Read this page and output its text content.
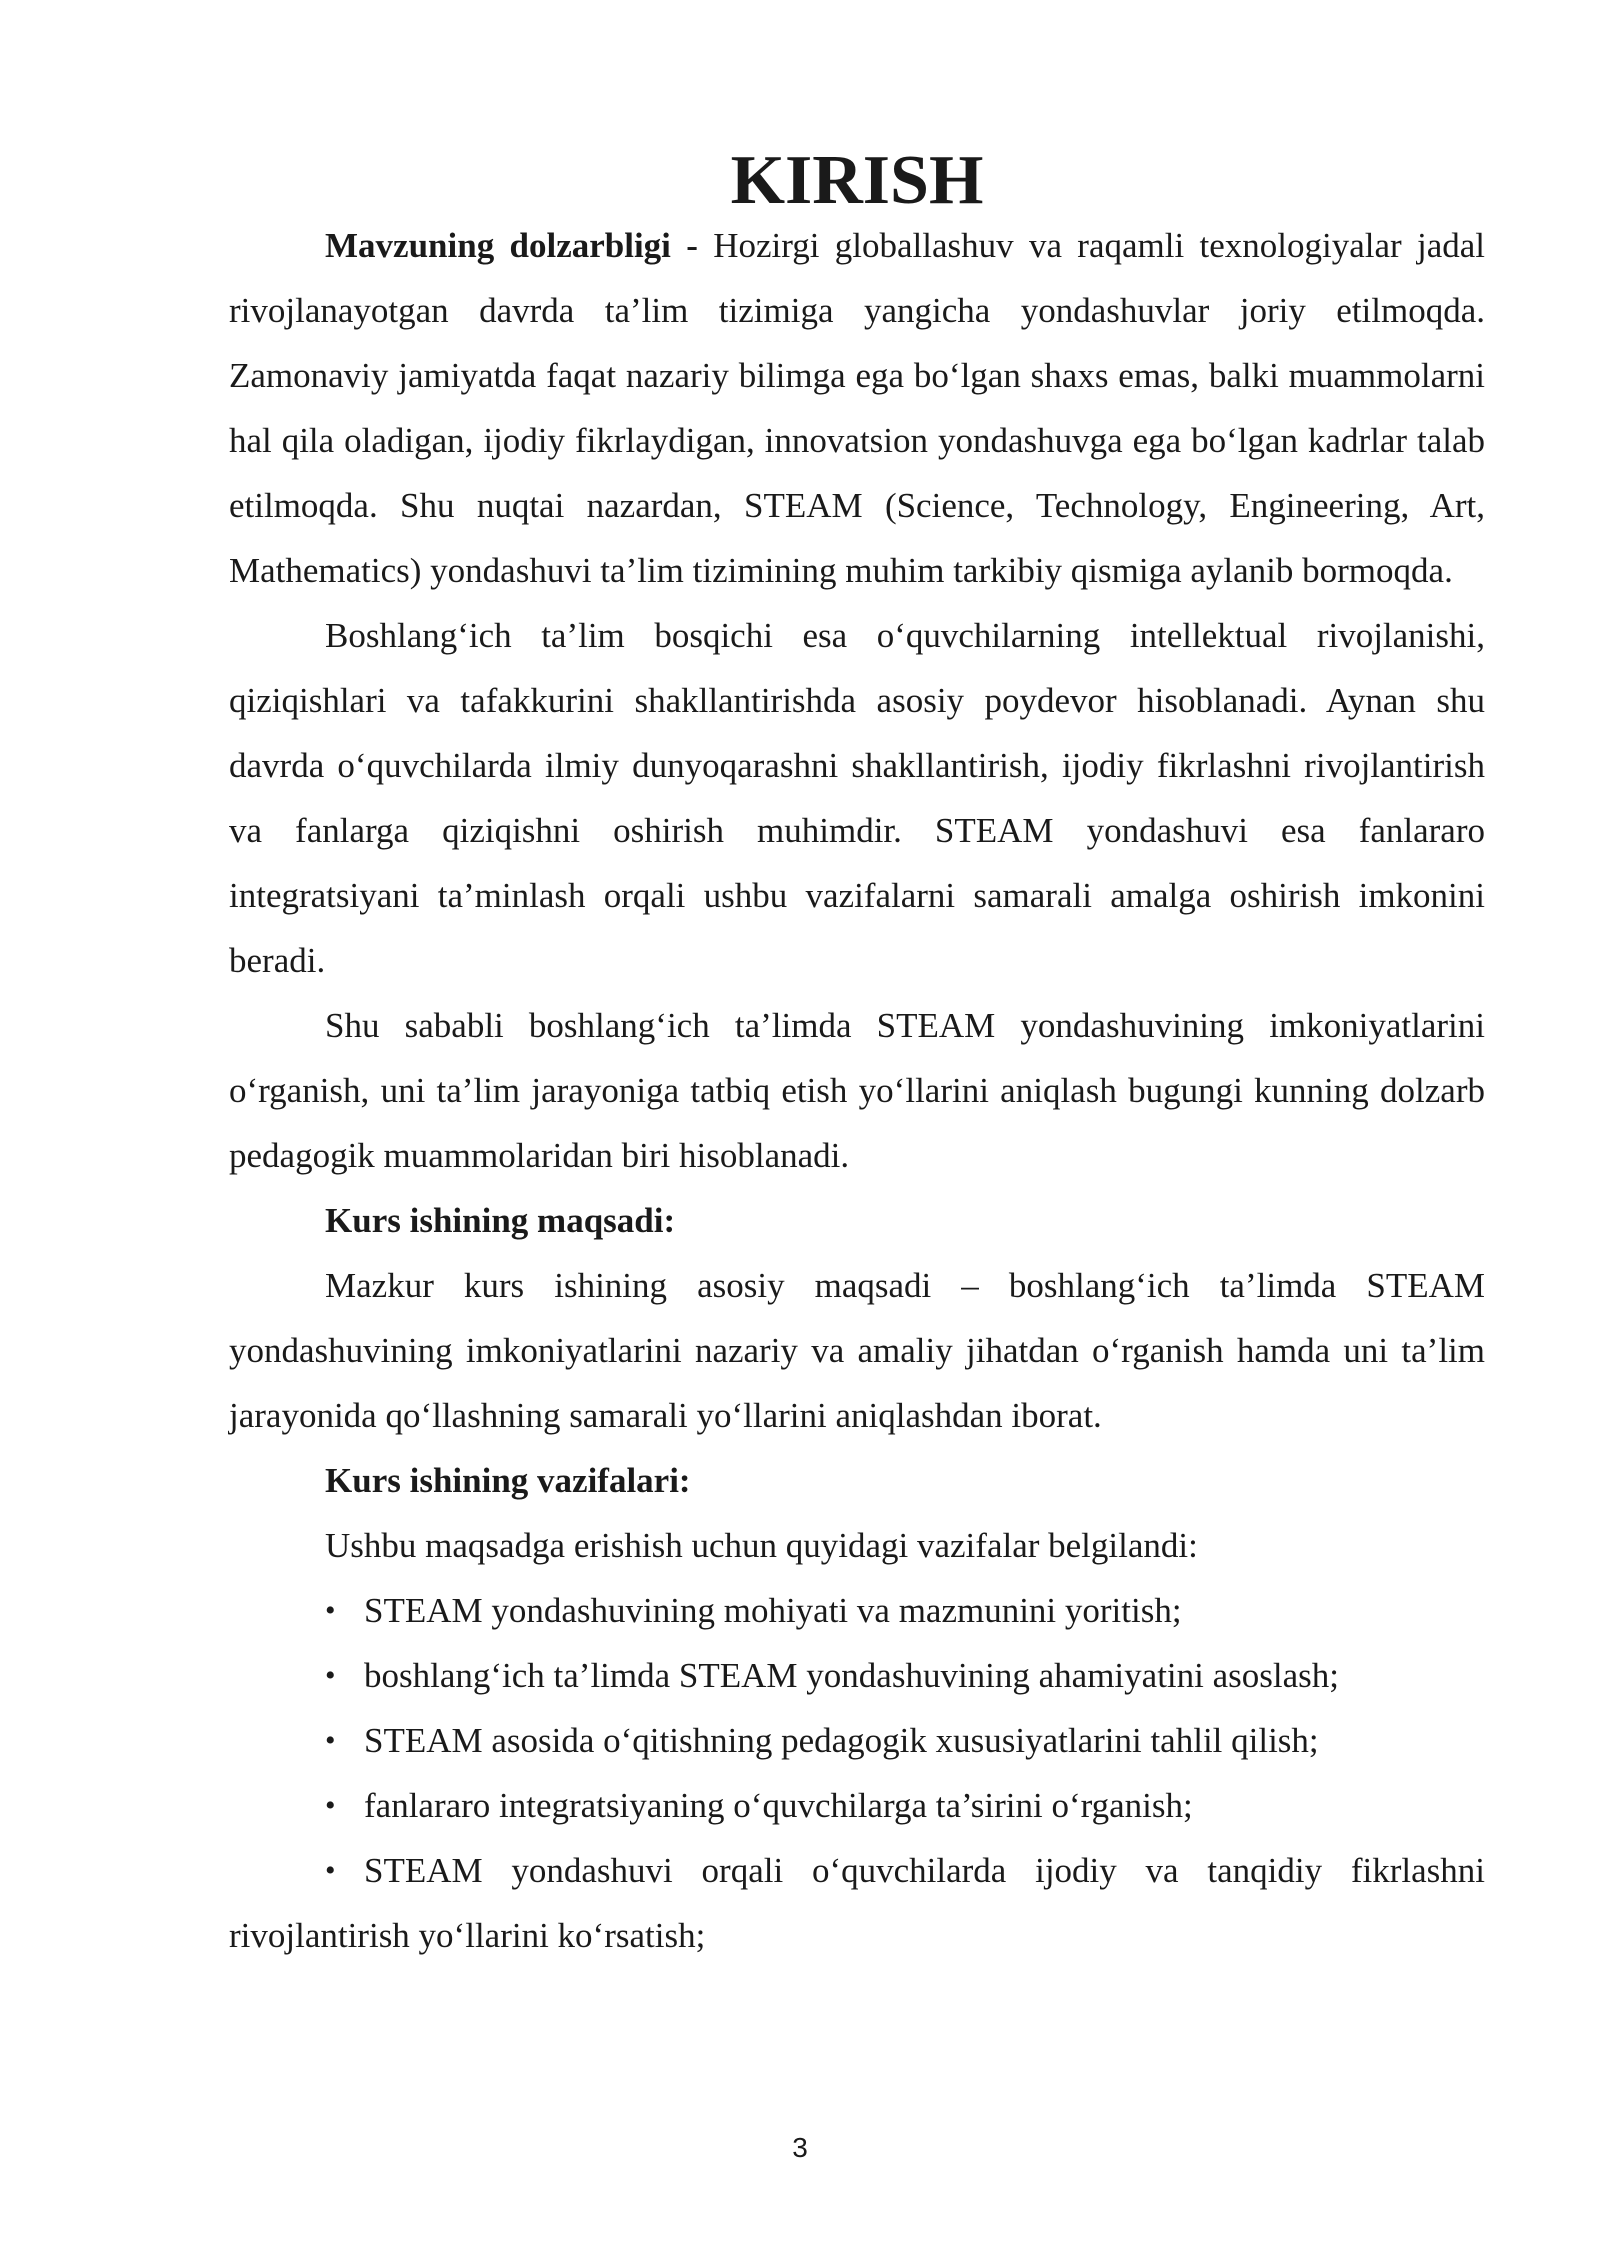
KIRISH

Mavzuning dolzarbligi - Hozirgi globallashuv va raqamli texnologiyalar jadal rivojlanayotgan davrda ta’lim tizimiga yangicha yondashuvlar joriy etilmoqda. Zamonaviy jamiyatda faqat nazariy bilimga ega bo‘lgan shaxs emas, balki muammolarni hal qila oladigan, ijodiy fikrlaydigan, innovatsion yondashuvga ega bo‘lgan kadrlar talab etilmoqda. Shu nuqtai nazardan, STEAM (Science, Technology, Engineering, Art, Mathematics) yondashuvi ta’lim tizimining muhim tarkibiy qismiga aylanib bormoqda.

Boshlang‘ich ta’lim bosqichi esa o‘quvchilarning intellektual rivojlanishi, qiziqishlari va tafakkurini shakllantirishda asosiy poydevor hisoblanadi. Aynan shu davrda o‘quvchilarda ilmiy dunyoqarashni shakllantirish, ijodiy fikrlashni rivojlantirish va fanlarga qiziqishni oshirish muhimdir. STEAM yondashuvi esa fanlararo integratsiyani ta’minlash orqali ushbu vazifalarni samarali amalga oshirish imkonini beradi.

Shu sababli boshlang‘ich ta’limda STEAM yondashuvining imkoniyatlarini o‘rganish, uni ta’lim jarayoniga tatbiq etish yo‘llarini aniqlash bugungi kunning dolzarb pedagogik muammolaridan biri hisoblanadi.

Kurs ishining maqsadi:

Mazkur kurs ishining asosiy maqsadi – boshlang‘ich ta’limda STEAM yondashuvining imkoniyatlarini nazariy va amaliy jihatdan o‘rganish hamda uni ta’lim jarayonida qo‘llashning samarali yo‘llarini aniqlashdan iborat.

Kurs ishining vazifalari:
Ushbu maqsadga erishish uchun quyidagi vazifalar belgilandi:
• STEAM yondashuvining mohiyati va mazmunini yoritish;
• boshlang‘ich ta’limda STEAM yondashuvining ahamiyatini asoslash;
• STEAM asosida o‘qitishning pedagogik xususiyatlarini tahlil qilish;
• fanlararo integratsiyaning o‘quvchilarga ta’sirini o‘rganish;
• STEAM yondashuvi orqali o‘quvchilarda ijodiy va tanqidiy fikrlashni rivojlantirish yo‘llarini ko‘rsatish;
3
